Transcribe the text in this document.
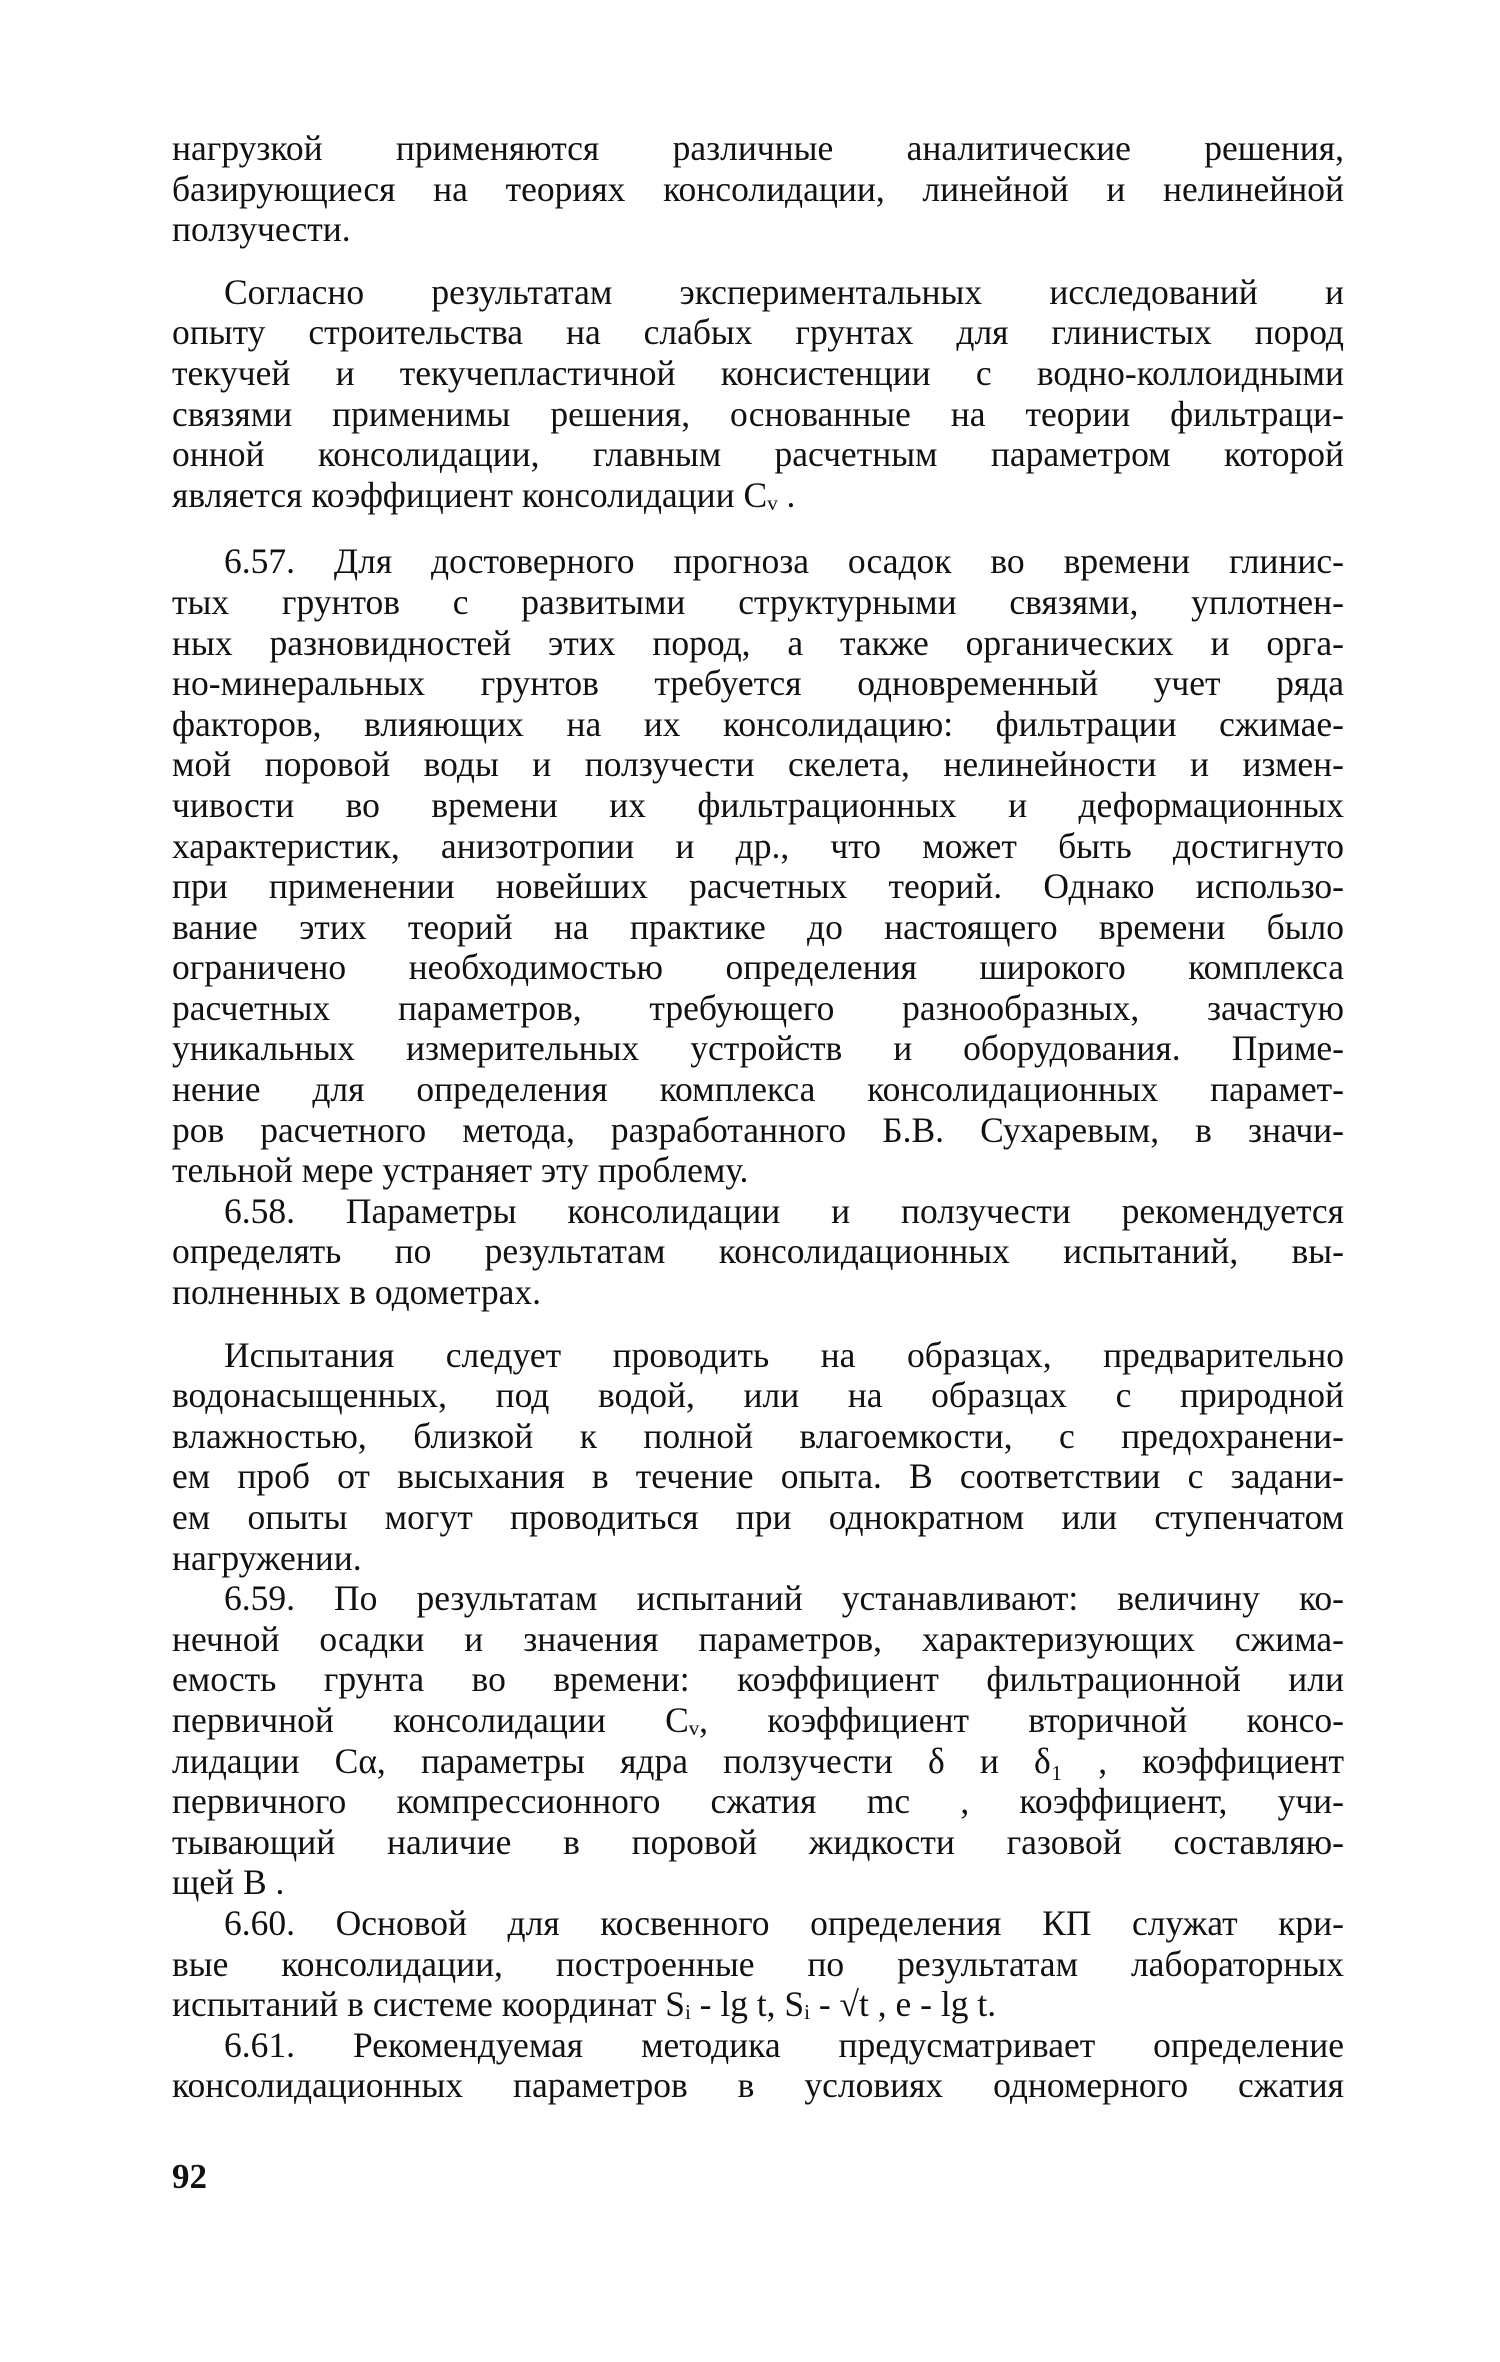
нагрузкой применяются различные аналитические решения,
базирующиеся на теориях консолидации, линейной и нелинейной
ползучести.
Согласно результатам экспериментальных исследований и
опыту строительства на слабых грунтах для глинистых пород
текучей и текучепластичной консистенции с водно-коллоидными
связями применимы решения, основанные на теории фильтраци-
онной консолидации, главным расчетным параметром которой
является коэффициент консолидации Cᵥ .
6.57. Для достоверного прогноза осадок во времени глинис-
тых грунтов с развитыми структурными связями, уплотнен-
ных разновидностей этих пород, а также органических и орга-
но-минеральных грунтов требуется одновременный учет ряда
факторов, влияющих на их консолидацию: фильтрации сжимае-
мой поровой воды и ползучести скелета, нелинейности и измен-
чивости во времени их фильтрационных и деформационных
характеристик, анизотропии и др., что может быть достигнуто
при применении новейших расчетных теорий. Однако использо-
вание этих теорий на практике до настоящего времени было
ограничено необходимостью определения широкого комплекса
расчетных параметров, требующего разнообразных, зачастую
уникальных измерительных устройств и оборудования. Приме-
нение для определения комплекса консолидационных парамет-
ров расчетного метода, разработанного Б.В. Сухаревым, в значи-
тельной мере устраняет эту проблему.
6.58. Параметры консолидации и ползучести рекомендуется
определять по результатам консолидационных испытаний, вы-
полненных в одометрах.
Испытания следует проводить на образцах, предварительно
водонасыщенных, под водой, или на образцах с природной
влажностью, близкой к полной влагоемкости, с предохранени-
ем проб от высыхания в течение опыта. В соответствии с задани-
ем опыты могут проводиться при однократном или ступенчатом
нагружении.
6.59. По результатам испытаний устанавливают: величину ко-
нечной осадки и значения параметров, характеризующих сжима-
емость грунта во времени: коэффициент фильтрационной или
первичной консолидации Cᵥ, коэффициент вторичной консо-
лидации Cα, параметры ядра ползучести δ и δ₁ , коэффициент
первичного компрессионного сжатия mc , коэффициент, учи-
тывающий наличие в поровой жидкости газовой составляю-
щей B .
6.60. Основой для косвенного определения КП служат кри-
вые консолидации, построенные по результатам лабораторных
испытаний в системе координат Sᵢ - lg t, Sᵢ - √t , e - lg t.
6.61. Рекомендуемая методика предусматривает определение
консолидационных параметров в условиях одномерного сжатия
92
